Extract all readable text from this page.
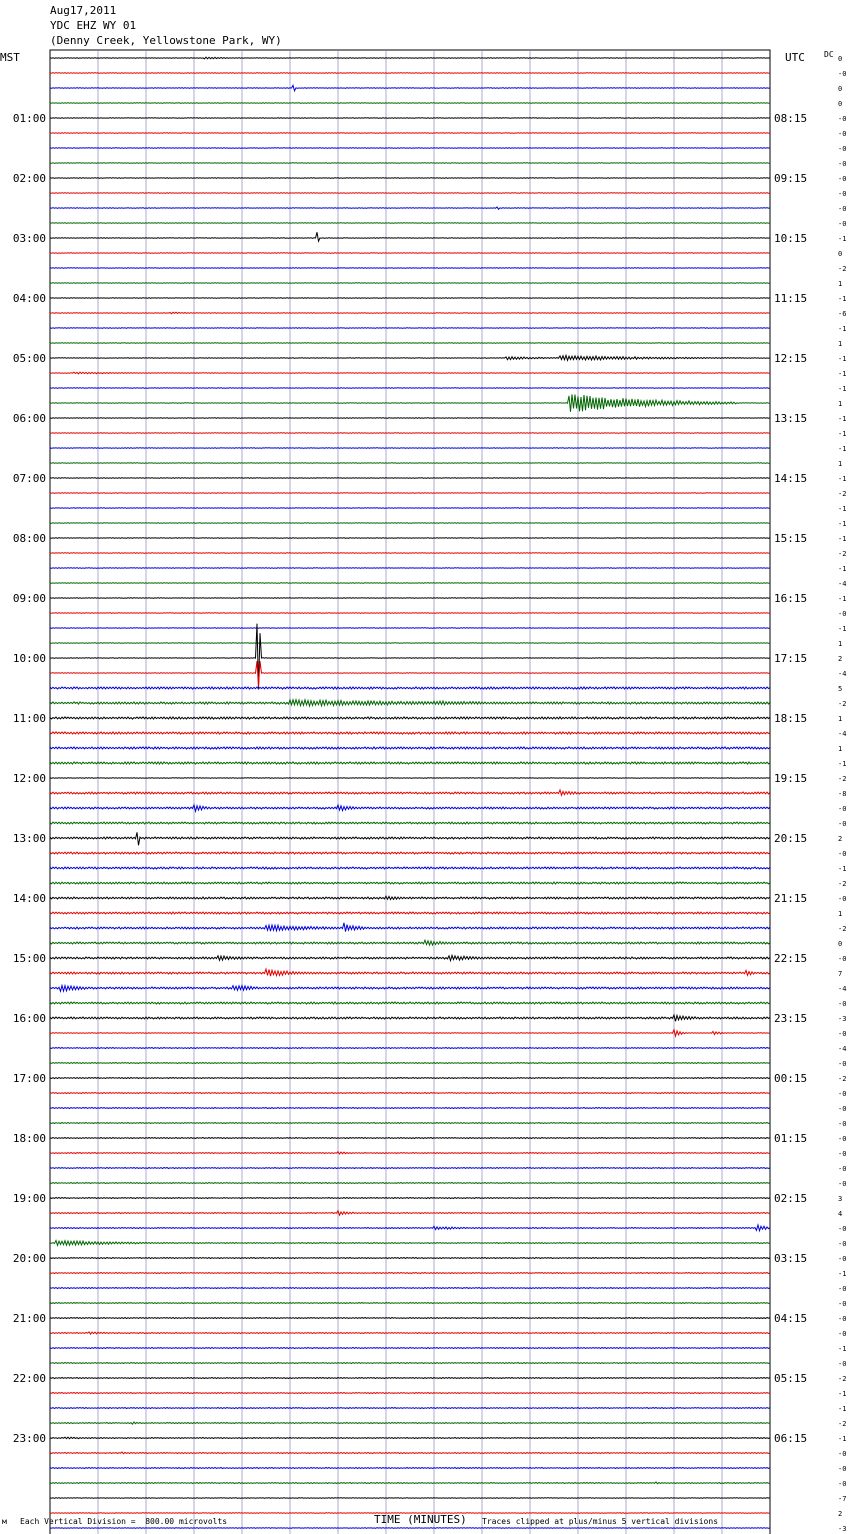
01:00
02:00
03:00
04:00
05:00
06:00
07:00
08:00
09:00
10:00
11:00
12:00
13:00
14:00
15:00
16:00
17:00
18:00
19:00
20:00
21:00
22:00
23:00
08:15
09:15
10:15
11:15
12:15
13:15
14:15
15:15
16:15
17:15
18:15
19:15
20:15
21:15
22:15
23:15
00:15
01:15
02:15
03:15
04:15
05:15
06:15
0
-0
0
0
-0
-0
-0
-0
-0
-0
-0
-0
-1
0
-2
1
-1
-6
-1
1
-1
-1
-1
1
-1
-1
-1
1
-1
-2
-1
-1
-1
-2
-1
-4
-1
-0
-1
1
2
-4
5
-2
1
-4
1
-1
-2
-8
-0
-0
2
-0
-1
-2
-0
1
-2
0
-0
7
-4
-0
-3
-0
-4
-0
-2
-0
-0
-0
-0
-0
-0
-0
3
4
-0
-0
-0
-1
-0
-0
-0
-0
-1
-0
-2
-1
-1
-2
-1
-0
-0
-0
-7
2
-3
Aug17,2011
YDC EHZ WY 01
(Denny Creek, Yellowstone Park, WY)
MST	UTC DC
м Each Vertical Division =  800.00 microvolts	TIME (MINUTES) Traces clipped at plus/minus 5 vertical divisions
